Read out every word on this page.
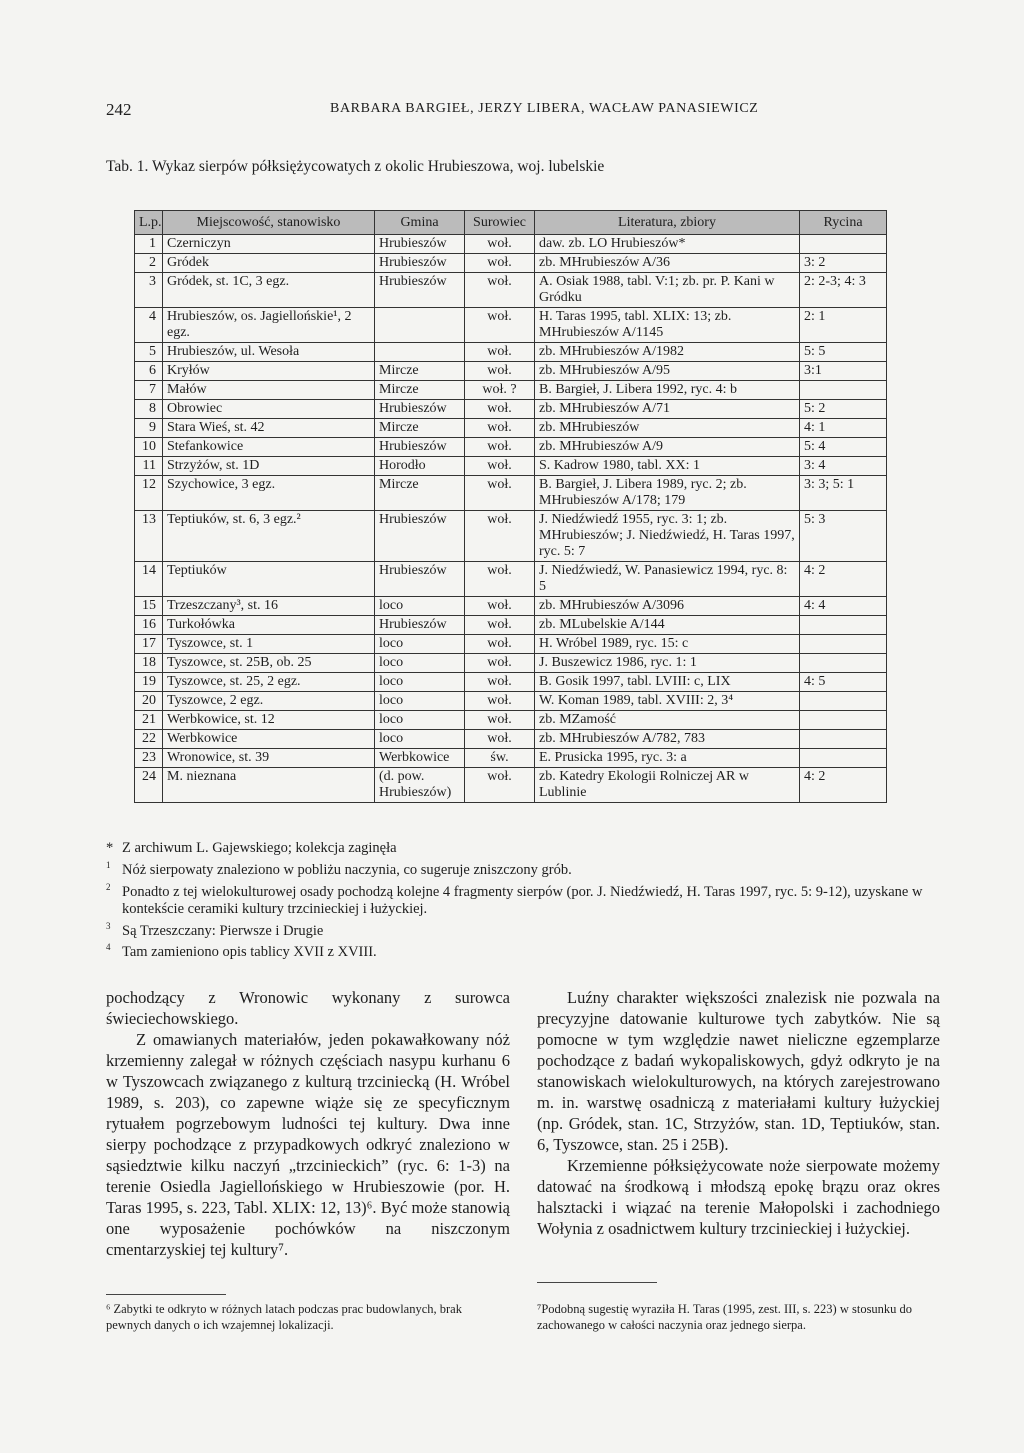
242	BARBARA BARGIEŁ, JERZY LIBERA, WACŁAW PANASIEWICZ
Tab. 1. Wykaz sierpów półksiężycowatych z okolic Hrubieszowa, woj. lubelskie
L.p.	Miejscowość, stanowisko	Gmina	Surowiec	Literatura, zbiory	Rycina
1	Czerniczyn	Hrubieszów	woł.	daw. zb. LO Hrubieszów*	
2	Gródek	Hrubieszów	woł.	zb. MHrubieszów A/36	3: 2
3	Gródek, st. 1C, 3 egz.	Hrubieszów	woł.	A. Osiak 1988, tabl. V:1; zb. pr. P. Kani w Gródku	2: 2-3; 4: 3
4	Hrubieszów, os. Jagiellońskie¹, 2 egz.		woł.	H. Taras 1995, tabl. XLIX: 13; zb. MHrubieszów A/1145	2: 1
5	Hrubieszów, ul. Wesoła		woł.	zb. MHrubieszów A/1982	5: 5
6	Kryłów	Mircze	woł.	zb. MHrubieszów A/95	3:1
7	Małów	Mircze	woł. ?	B. Bargieł, J. Libera 1992, ryc. 4: b	
8	Obrowiec	Hrubieszów	woł.	zb. MHrubieszów A/71	5: 2
9	Stara Wieś, st. 42	Mircze	woł.	zb. MHrubieszów	4: 1
10	Stefankowice	Hrubieszów	woł.	zb. MHrubieszów A/9	5: 4
11	Strzyżów, st. 1D	Horodło	woł.	S. Kadrow 1980, tabl. XX: 1	3: 4
12	Szychowice, 3 egz.	Mircze	woł.	B. Bargieł, J. Libera 1989, ryc. 2; zb. MHrubieszów A/178; 179	3: 3; 5: 1
13	Teptiuków, st. 6, 3 egz.²	Hrubieszów	woł.	J. Niedźwiedź 1955, ryc. 3: 1; zb. MHrubieszów; J. Niedźwiedź, H. Taras 1997, ryc. 5: 7	5: 3
14	Teptiuków	Hrubieszów	woł.	J. Niedźwiedź, W. Panasiewicz 1994, ryc. 8: 5	4: 2
15	Trzeszczany³, st. 16	loco	woł.	zb. MHrubieszów A/3096	4: 4
16	Turkołówka	Hrubieszów	woł.	zb. MLubelskie A/144	
17	Tyszowce, st. 1	loco	woł.	H. Wróbel 1989, ryc. 15: c	
18	Tyszowce, st. 25B, ob. 25	loco	woł.	J. Buszewicz 1986, ryc. 1: 1	
19	Tyszowce, st. 25, 2 egz.	loco	woł.	B. Gosik 1997, tabl. LVIII: c, LIX	4: 5
20	Tyszowce, 2 egz.	loco	woł.	W. Koman 1989, tabl. XVIII: 2, 3⁴	
21	Werbkowice, st. 12	loco	woł.	zb. MZamość	
22	Werbkowice	loco	woł.	zb. MHrubieszów A/782, 783	
23	Wronowice, st. 39	Werbkowice	św.	E. Prusicka 1995, ryc. 3: a	
24	M. nieznana	(d. pow. Hrubieszów)	woł.	zb. Katedry Ekologii Rolniczej AR w Lublinie	4: 2

* Z archiwum L. Gajewskiego; kolekcja zaginęła

$^1$ Nóż sierpowaty znaleziono w pobliżu naczynia, co sugeruje zniszczony grób.

$^2$ Ponadto z tej wielokulturowej osady pochodzą kolejne 4 fragmenty sierpów (por. J. Niedźwiedź, H. Taras 1997, ryc. 5: 9-12), uzyskane w kontekście ceramiki kultury trzcinieckiej i łużyckiej.

$^3$ Są Trzeszczany: Pierwsze i Drugie

$^4$ Tam zamieniono opis tablicy XVII z XVIII.

pochodzący z Wronowic wykonany z surowca świeciechowskiego.

Z omawianych materiałów, jeden pokawałkowany nóż krzemienny zalegał w różnych częściach nasypu kurhanu 6 w Tyszowcach związanego z kulturą trzciniecką (H. Wróbel 1989, s. 203), co zapewne wiąże się ze specyficznym rytuałem pogrzebowym ludności tej kultury. Dwa inne sierpy pochodzące z przypadkowych odkryć znaleziono w sąsiedztwie kilku naczyń „trzcinieckich” (ryc. 6: 1-3) na terenie Osiedla Jagiellońskiego w Hrubieszowie (por. H. Taras 1995, s. 223, Tabl. XLIX: 12, 13)⁶. Być może stanowią one wyposażenie pochówków na niszczonym cmentarzyskiej tej kultury⁷.

Luźny charakter większości znalezisk nie pozwala na precyzyjne datowanie kulturowe tych zabytków. Nie są pomocne w tym względzie nawet nieliczne egzemplarze pochodzące z badań wykopaliskowych, gdyż odkryto je na stanowiskach wielokulturowych, na których zarejestrowano m. in. warstwę osadniczą z materiałami kultury łużyckiej (np. Gródek, stan. 1C, Strzyżów, stan. 1D, Teptiuków, stan. 6, Tyszowce, stan. 25 i 25B).

Krzemienne półksiężycowate noże sierpowate możemy datować na środkową i młodszą epokę brązu oraz okres halsztacki i wiązać na terenie Małopolski i zachodniego Wołynia z osadnictwem kultury trzcinieckiej i łużyckiej.

⁶ Zabytki te odkryto w różnych latach podczas prac budowlanych, brak pewnych danych o ich wzajemnej lokalizacji.
⁷Podobną sugestię wyraziła H. Taras (1995, zest. III, s. 223) w stosunku do zachowanego w całości naczynia oraz jednego sierpa.
